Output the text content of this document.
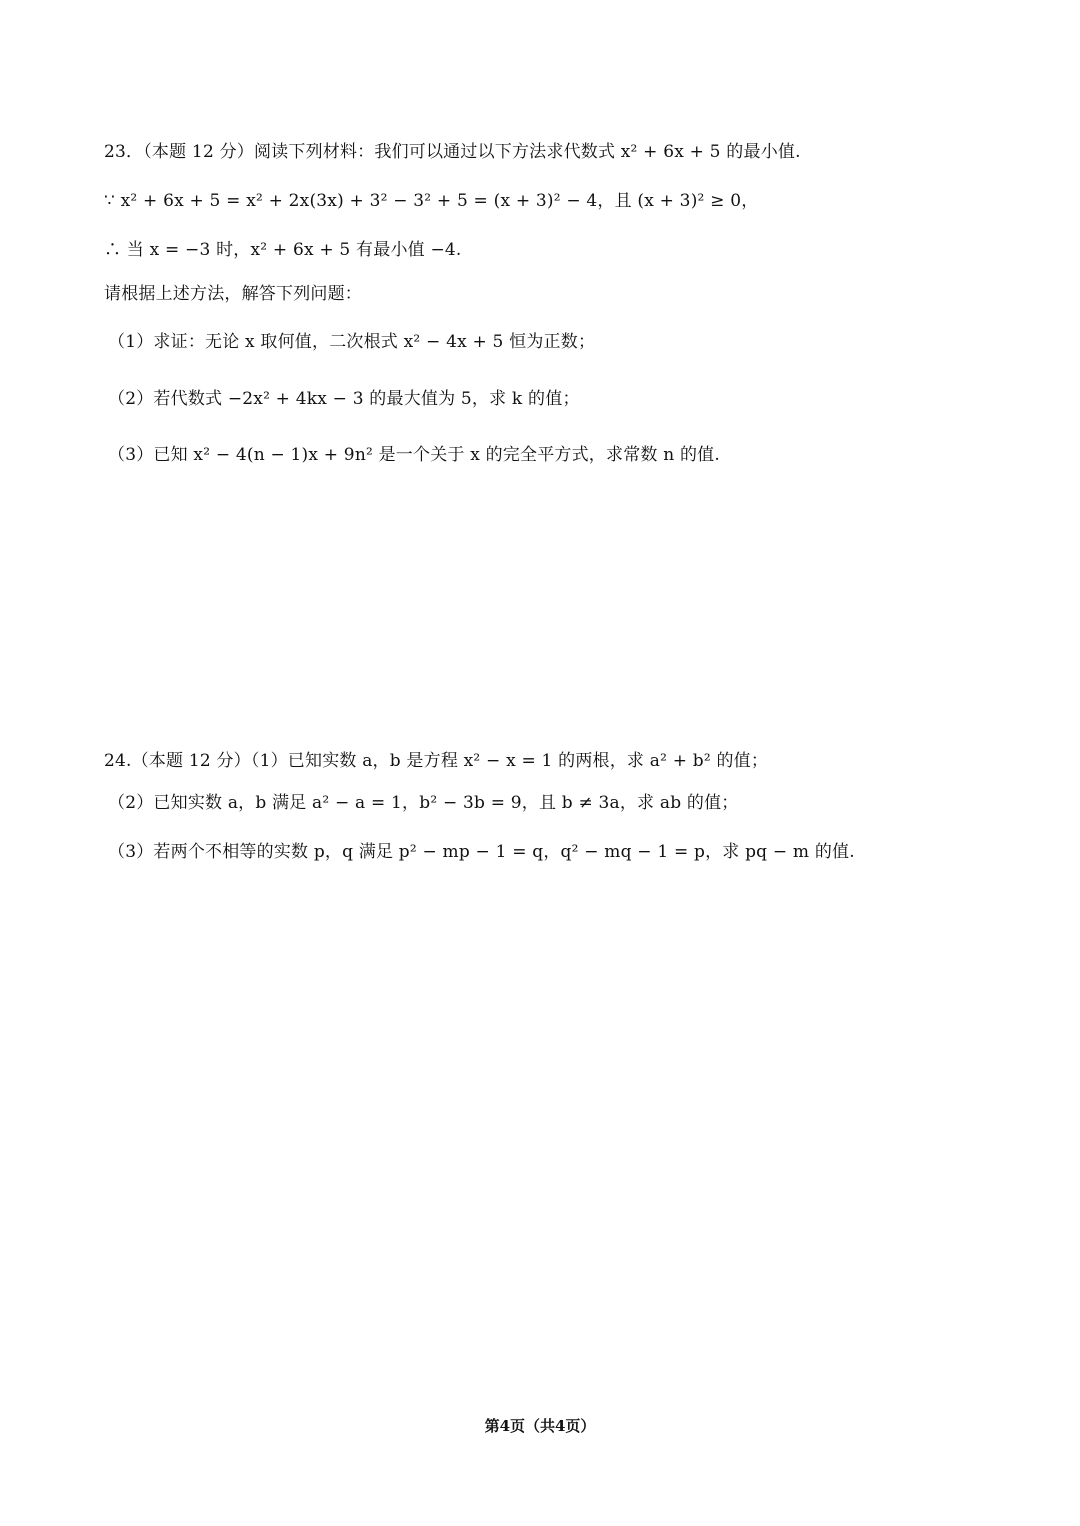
23．（本题 12 分）阅读下列材料：我们可以通过以下方法求代数式 x² + 6x + 5 的最小值.
∵ x² + 6x + 5 = x² + 2x(3x) + 3² − 3² + 5 = (x + 3)² − 4，且 (x + 3)² ≥ 0，
∴ 当 x = −3 时，x² + 6x + 5 有最小值 −4.
请根据上述方法，解答下列问题：
（1）求证：无论 x 取何值，二次根式 x² − 4x + 5 恒为正数；
（2）若代数式 −2x² + 4kx − 3 的最大值为 5，求 k 的值；
（3）已知 x² − 4(n − 1)x + 9n² 是一个关于 x 的完全平方式，求常数 n 的值.
24.（本题 12 分）（1）已知实数 a，b 是方程 x² − x = 1 的两根，求 a² + b² 的值；
（2）已知实数 a，b 满足 a² − a = 1，b² − 3b = 9，且 b ≠ 3a，求 ab 的值；
（3）若两个不相等的实数 p，q 满足 p² − mp − 1 = q，q² − mq − 1 = p，求 pq − m 的值.
第4页（共4页）
